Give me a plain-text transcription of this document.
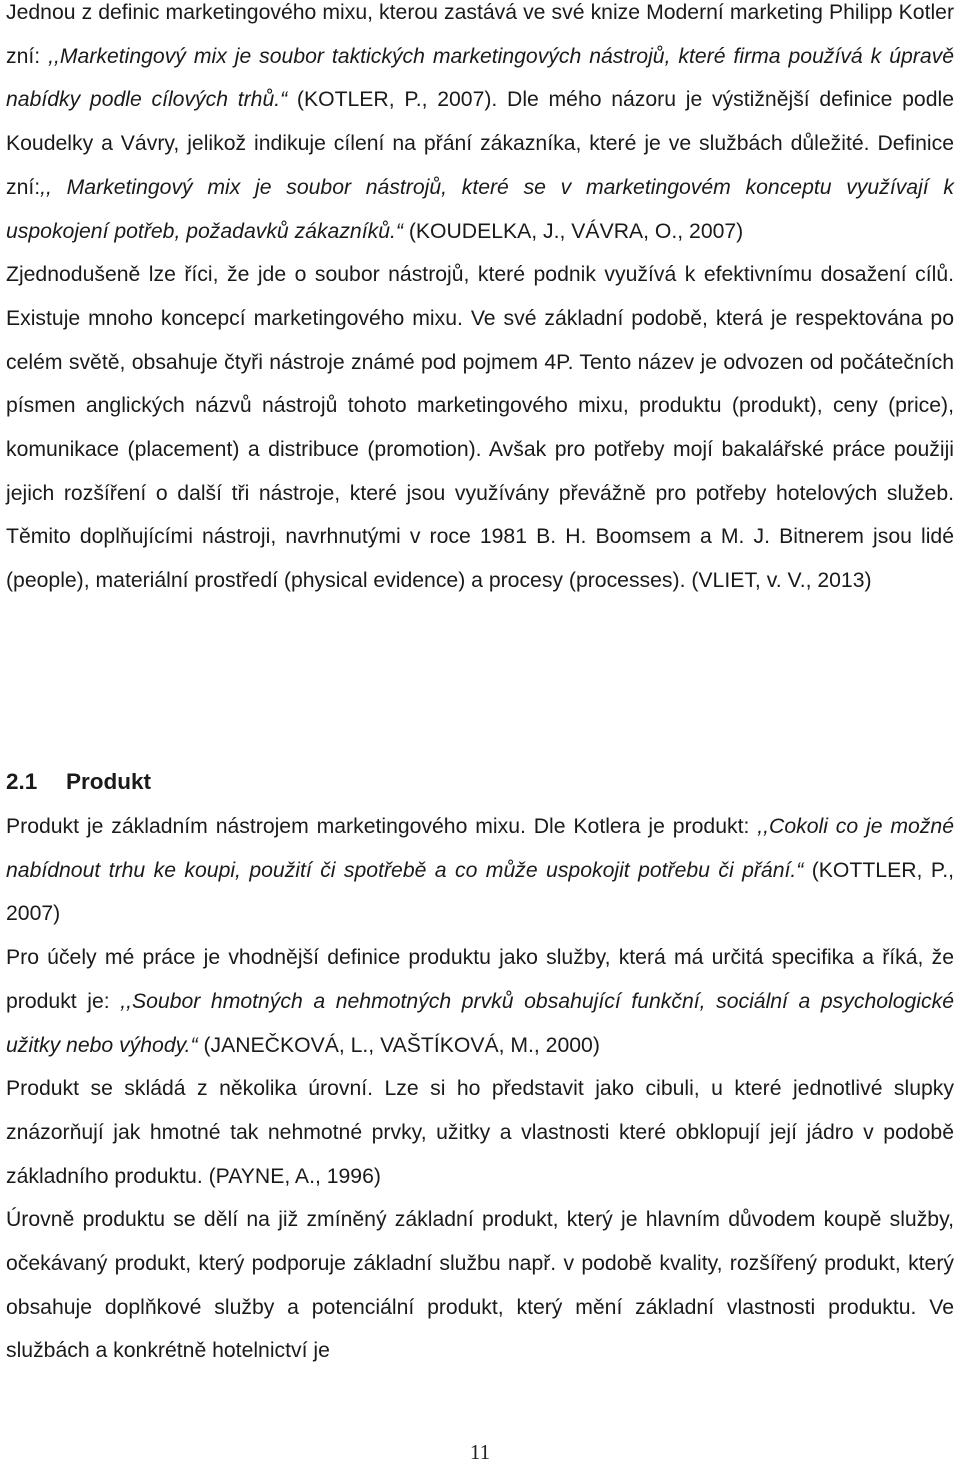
Jednou z definic marketingového mixu, kterou zastává ve své knize Moderní marketing Philipp Kotler zní: ,,Marketingový mix je soubor taktických marketingových nástrojů, které firma používá k úpravě nabídky podle cílových trhů.“ (KOTLER, P., 2007). Dle mého názoru je výstižnější definice podle Koudelky a Vávry, jelikož indikuje cílení na přání zákazníka, které je ve službách důležité. Definice zní:,, Marketingový mix je soubor nástrojů, které se v marketingovém konceptu využívají k uspokojení potřeb, požadavků zákazníků.“ (KOUDELKA, J., VÁVRA, O., 2007)

Zjednodušeně lze říci, že jde o soubor nástrojů, které podnik využívá k efektivnímu dosažení cílů. Existuje mnoho koncepcí marketingového mixu. Ve své základní podobě, která je respektována po celém světě, obsahuje čtyři nástroje známé pod pojmem 4P. Tento název je odvozen od počátečních písmen anglických názvů nástrojů tohoto marketingového mixu, produktu (produkt), ceny (price), komunikace (placement) a distribuce (promotion). Avšak pro potřeby mojí bakalářské práce použiji jejich rozšíření o další tři nástroje, které jsou využívány převážně pro potřeby hotelových služeb. Těmito doplňujícími nástroji, navrhnutými v roce 1981 B. H. Boomsem a M. J. Bitnerem jsou lidé (people), materiální prostředí (physical evidence) a procesy (processes). (VLIET, v. V., 2013)

2.1 Produkt

Produkt je základním nástrojem marketingového mixu. Dle Kotlera je produkt: ,,Cokoli co je možné nabídnout trhu ke koupi, použití či spotřebě a co může uspokojit potřebu či přání.“ (KOTTLER, P., 2007)

Pro účely mé práce je vhodnější definice produktu jako služby, která má určitá specifika a říká, že produkt je: ,,Soubor hmotných a nehmotných prvků obsahující funkční, sociální a psychologické užitky nebo výhody.“ (JANEČKOVÁ, L., VAŠTÍKOVÁ, M., 2000)

Produkt se skládá z několika úrovní. Lze si ho představit jako cibuli, u které jednotlivé slupky znázorňují jak hmotné tak nehmotné prvky, užitky a vlastnosti které obklopují její jádro v podobě základního produktu. (PAYNE, A., 1996)

Úrovně produktu se dělí na již zmíněný základní produkt, který je hlavním důvodem koupě služby, očekávaný produkt, který podporuje základní službu např. v podobě kvality, rozšířený produkt, který obsahuje doplňkové služby a potenciální produkt, který mění základní vlastnosti produktu. Ve službách a konkrétně hotelnictví je

11
